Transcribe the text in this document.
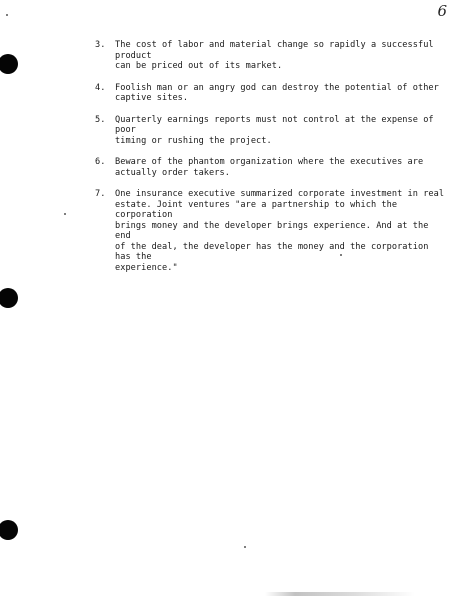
6
3.	The cost of labor and material change so rapidly a successful product
can be priced out of its market.
4.	Foolish man or an angry god can destroy the potential of other
captive sites.
5.	Quarterly earnings reports must not control at the expense of poor
timing or rushing the project.
6.	Beware of the phantom organization where the executives are
actually order takers.
7.	One insurance executive summarized corporate investment in real
estate. Joint ventures "are a partnership to which the corporation
brings money and the developer brings experience. And at the end
of the deal, the developer has the money and the corporation has the
experience."
